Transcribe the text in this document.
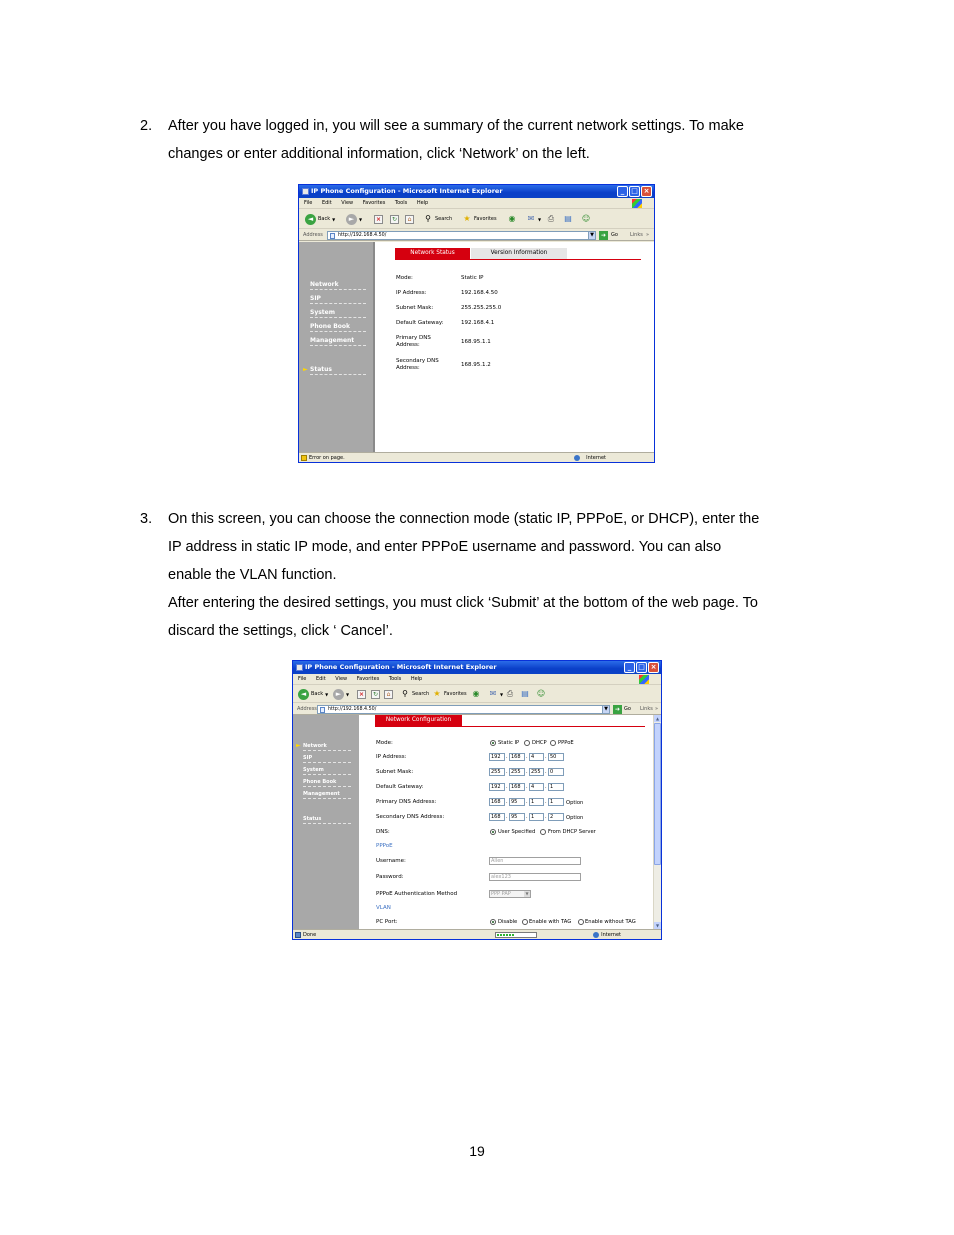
2. After you have logged in, you will see a summary of the current network settings. To make
changes or enter additional information, click ‘Network’ on the left.
IP Phone Configuration - Microsoft Internet Explorer	_ □ ×
File Edit View Favorites Tools Help
◄ Back ▼	►	▼	×	↻	⌂	⚲ Search ★ Favorites ◉ ✉ ▼ ⎙ ▤ ☺
Address	http://192.168.4.50/	▼	➜ Go Links »
Network
SIP
System
Phone Book
Management
► Status
Network Status	Version Information
Mode:	Static IP
IP Address:	192.168.4.50
Subnet Mask:	255.255.255.0
Default Gateway:	192.168.4.1
Primary DNS Address:	168.95.1.1
Secondary DNS Address:	168.95.1.2
Error on page.	Internet
3. On this screen, you can choose the connection mode (static IP, PPPoE, or DHCP), enter the
IP address in static IP mode, and enter PPPoE username and password. You can also
enable the VLAN function.
After entering the desired settings, you must click ‘Submit’ at the bottom of the web page. To
discard the settings, click ‘ Cancel’.
IP Phone Configuration - Microsoft Internet Explorer	_ □ ×
File Edit View Favorites Tools Help
◄ Back ▼	►	▼	×	↻	⌂	⚲ Search ★ Favorites ◉ ✉ ▼ ⎙ ▤ ☺
Address	http://192.168.4.50/	▼	➜ Go Links »
► Network
SIP
System
Phone Book
Management
Status
Network Configuration
Mode:	Static IP DHCP PPPoE
IP Address:	192	. 168	. 4	. 50
Subnet Mask:	255	. 255	. 255 . 0
Default Gateway:	192	. 168	. 4	. 1
Primary DNS Address:	168	. 95	. 1	. 1	Option
Secondary DNS Address:	168	. 95	. 1	. 2	Option
DNS:	User Specified From DHCP Server
PPPoE
Username:	Allen
Password:	alex123
PPPoE Authentication Method	PPP PAP	▼
VLAN
PC Port:	Disable Enable with TAG	Enable without TAG
▲
▼
Done	Internet
19
